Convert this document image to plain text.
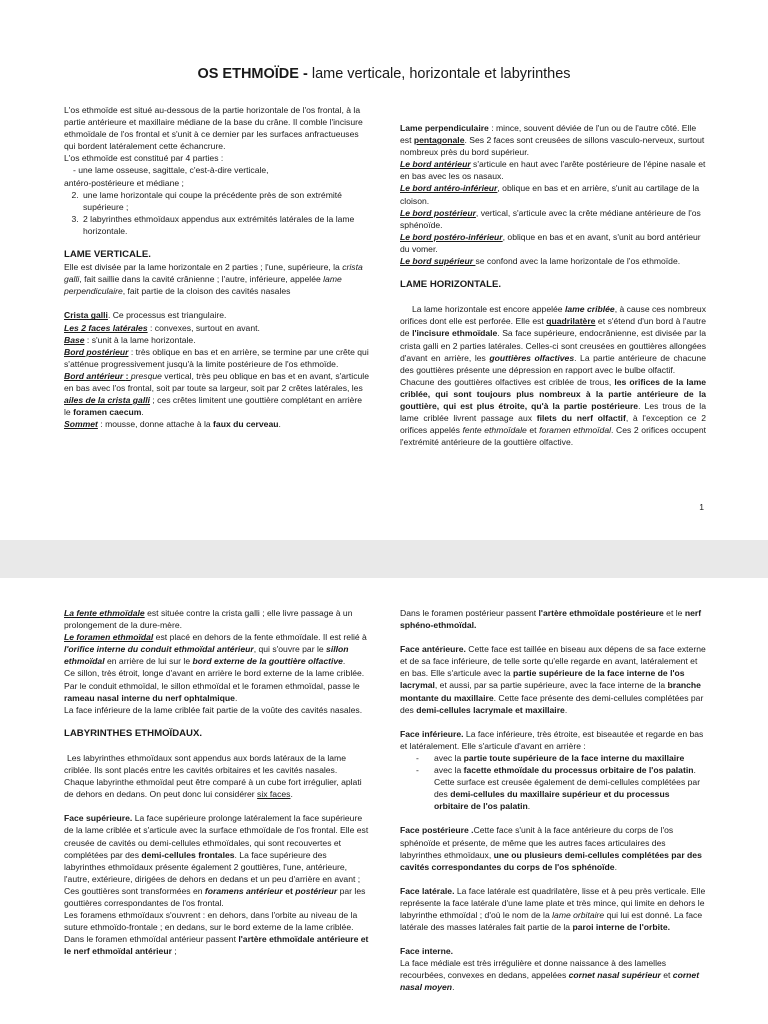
OS ETHMOÏDE - lame verticale, horizontale et labyrinthes

L'os ethmoïde est situé au-dessous de la partie horizontale de l'os frontal, à la partie antérieure et maxillaire médiane de la base du crâne. Il comble l'incisure ethmoïdale de l'os frontal et s'unit à ce dernier par les surfaces anfractueuses qui bordent latéralement cette échancrure.

L'os ethmoïde est constitué par 4 parties :

- une lame osseuse, sagittale, c'est-à-dire verticale,

antéro-postérieure et médiane ;

2. une lame horizontale qui coupe la précédente près de son extrémité supérieure ;
3. 2 labyrinthes ethmoïdaux appendus aux extrémités latérales de la lame horizontale.
LAME VERTICALE.

Elle est divisée par la lame horizontale en 2 parties ; l'une, supérieure, la crista galli, fait saillie dans la cavité crânienne ; l'autre, inférieure, appelée lame perpendiculaire, fait partie de la cloison des cavités nasales

Crista galli. Ce processus est triangulaire.

Les 2 faces latérales : convexes, surtout en avant.

Base : s'unit à la lame horizontale.

Bord postérieur : très oblique en bas et en arrière, se termine par une crête qui s'atténue progressivement jusqu'à la limite postérieure de l'os ethmoïde.

Bord antérieur : presque vertical, très peu oblique en bas et en avant, s'articule en bas avec l'os frontal, soit par toute sa largeur, soit par 2 crêtes latérales, les ailes de la crista galli ; ces crêtes limitent une gouttière complétant en arrière le foramen caecum.

Sommet : mousse, donne attache à la faux du cerveau.

Lame perpendiculaire : mince, souvent déviée de l'un ou de l'autre côté. Elle est pentagonale. Ses 2 faces sont creusées de sillons vasculo-nerveux, surtout nombreux près du bord supérieur.

Le bord antérieur s'articule en haut avec l'arête postérieure de l'épine nasale et en bas avec les os nasaux.

Le bord antéro-inférieur, oblique en bas et en arrière, s'unit au cartilage de la cloison.

Le bord postérieur, vertical, s'articule avec la crête médiane antérieure de l'os sphénoïde.

Le bord postéro-inférieur, oblique en bas et en avant, s'unit au bord antérieur du vomer.

Le bord supérieur se confond avec la lame horizontale de l'os ethmoïde.

LAME HORIZONTALE.

La lame horizontale est encore appelée lame criblée, à cause ces nombreux orifices dont elle est perforée. Elle est quadrilatère et s'étend d'un bord à l'autre de l'incisure ethmoïdale. Sa face supérieure, endocrânienne, est divisée par la crista galli en 2 parties latérales. Celles-ci sont creusées en gouttières allongées d'avant en arrière, les gouttières olfactives. La partie antérieure de chacune des gouttières présente une dépression en rapport avec le bulbe olfactif.

Chacune des gouttières olfactives est criblée de trous, les orifices de la lame criblée, qui sont toujours plus nombreux à la partie antérieure de la gouttière, qui est plus étroite, qu'à la partie postérieure. Les trous de la lame criblée livrent passage aux filets du nerf olfactif, à l'exception ce 2 orifices appelés fente ethmoïdale et foramen ethmoïdal. Ces 2 orifices occupent l'extrémité antérieure de la gouttière olfactive.

1

La fente ethmoïdale est située contre la crista galli ; elle livre passage à un prolongement de la dure-mère.

Le foramen ethmoïdal est placé en dehors de la fente ethmoïdale. Il est relié à l'orifice interne du conduit ethmoïdal antérieur, qui s'ouvre par le sillon ethmoïdal en arrière de lui sur le bord externe de la gouttière olfactive.

Ce sillon, très étroit, longe d'avant en arrière le bord externe de la lame criblée. Par le conduit ethmoïdal, le sillon ethmoïdal et le foramen ethmoïdal, passe le rameau nasal interne du nerf ophtalmique.

La face inférieure de la lame criblée fait partie de la voûte des cavités nasales.

LABYRINTHES ETHMOÏDAUX.

Les labyrinthes ethmoïdaux sont appendus aux bords latéraux de la lame criblée. Ils sont placés entre les cavités orbitaires et les cavités nasales. Chaque labyrinthe ethmoïdal peut être comparé à un cube fort irrégulier, aplati de dehors en dedans. On peut donc lui considérer six faces.

Face supérieure. La face supérieure prolonge latéralement la face supérieure de la lame criblée et s'articule avec la surface ethmoïdale de l'os frontal. Elle est creusée de cavités ou demi-cellules ethmoïdales, qui sont recouvertes et complétées par des demi-cellules frontales. La face supérieure des labyrinthes ethmoïdaux présente également 2 gouttières, l'une, antérieure, l'autre, extérieure, dirigées de dehors en dedans et un peu d'arrière en avant ;

Ces gouttières sont transformées en foramens antérieur et postérieur par les gouttières correspondantes de l'os frontal.

Les foramens ethmoïdaux s'ouvrent : en dehors, dans l'orbite au niveau de la suture ethmoïdo-frontale ; en dedans, sur le bord externe de la lame criblée.

Dans le foramen ethmoïdal antérieur passent l'artère ethmoïdale antérieure et le nerf ethmoïdal antérieur ;

Dans le foramen postérieur passent l'artère ethmoïdale postérieure et le nerf sphéno-ethmoïdal.

Face antérieure. Cette face est taillée en biseau aux dépens de sa face externe et de sa face inférieure, de telle sorte qu'elle regarde en avant, latéralement et en bas. Elle s'articule avec la partie supérieure de la face interne de l'os lacrymal, et aussi, par sa partie supérieure, avec la face interne de la branche montante du maxillaire. Cette face présente des demi-cellules complétées par des demi-cellules lacrymale et maxillaire.

Face inférieure. La face inférieure, très étroite, est biseautée et regarde en bas et latéralement. Elle s'articule d'avant en arrière :

- avec la partie toute supérieure de la face interne du maxillaire
- avec la facette ethmoïdale du processus orbitaire de l'os palatin.

Cette surface est creusée également de demi-cellules complétées par des demi-cellules du maxillaire supérieur et du processus orbitaire de l'os palatin.

Face postérieure .Cette face s'unit à la face antérieure du corps de l'os sphénoïde et présente, de même que les autres faces articulaires des labyrinthes ethmoïdaux, une ou plusieurs demi-cellules complétées par des cavités correspondantes du corps de l'os sphénoïde.

Face latérale. La face latérale est quadrilatère, lisse et à peu près verticale. Elle représente la face latérale d'une lame plate et très mince, qui limite en dehors le labyrinthe ethmoïdal ; d'où le nom de la lame orbitaire qui lui est donné. La face latérale des masses latérales fait partie de la paroi interne de l'orbite.

Face interne.

La face médiale est très irrégulière et donne naissance à des lamelles recourbées, convexes en dedans, appelées cornet nasal supérieur et cornet nasal moyen.
